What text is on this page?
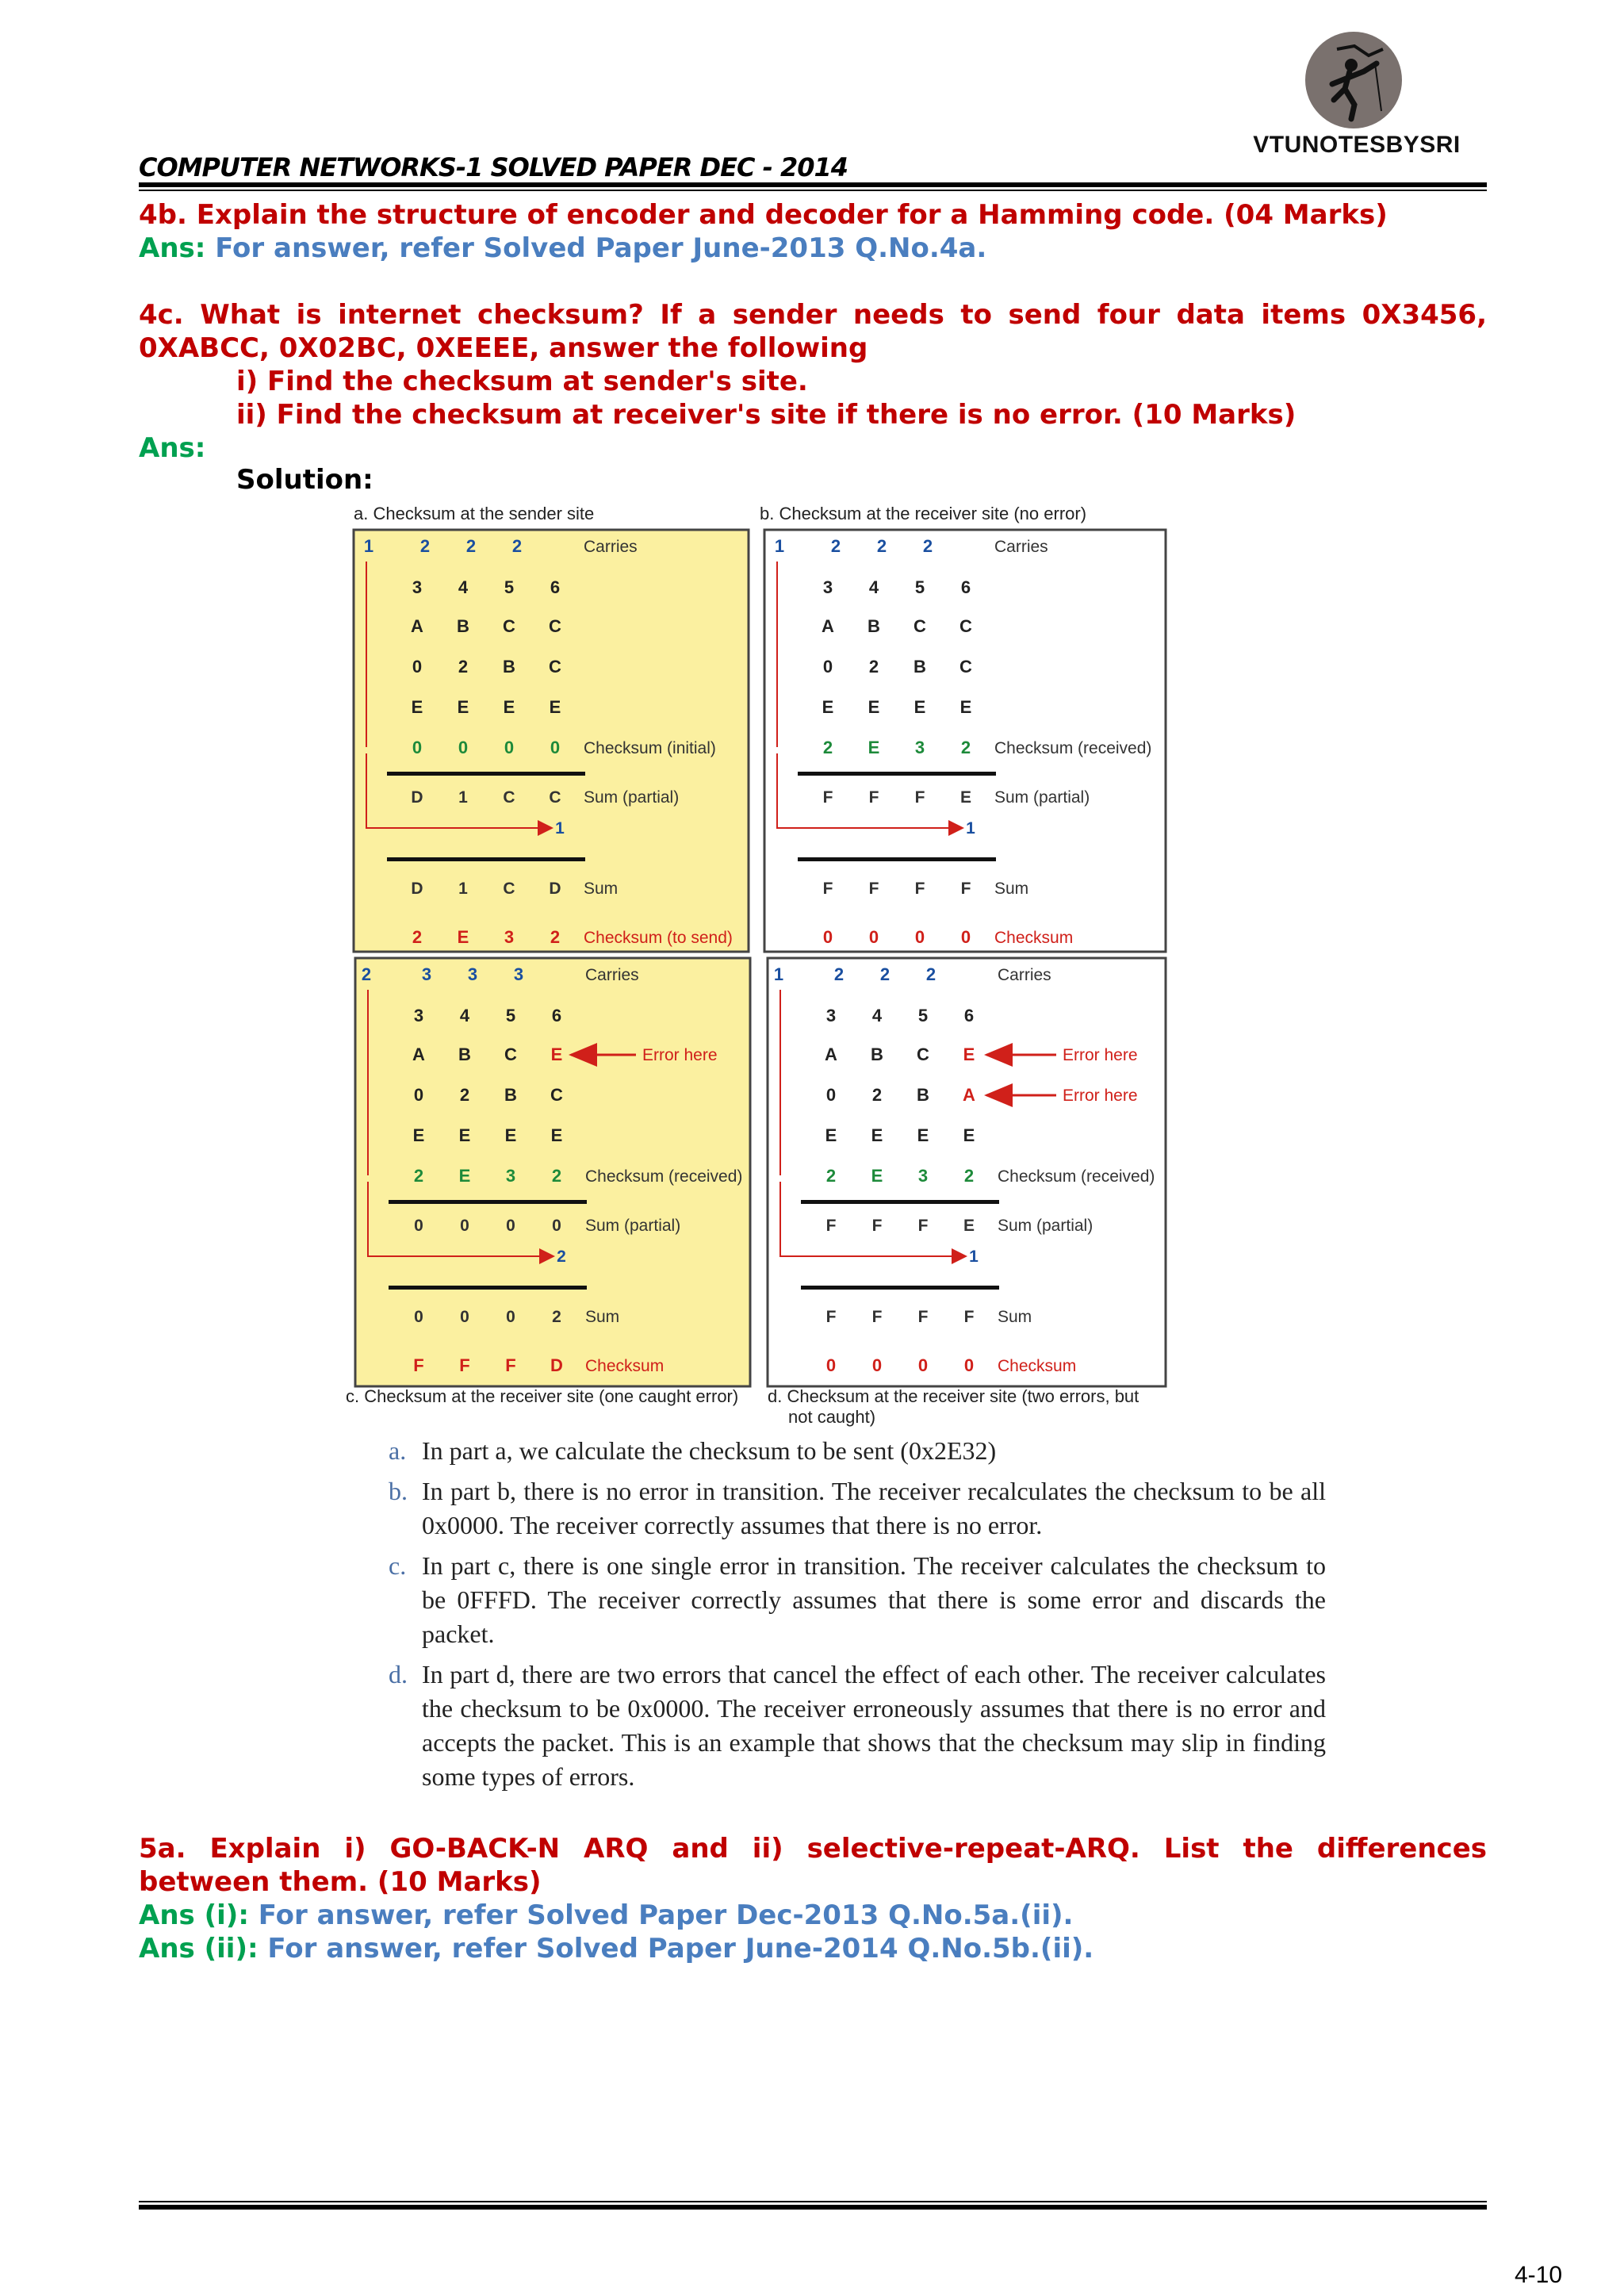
VTUNOTESBYSRI
COMPUTER NETWORKS-1 SOLVED PAPER DEC - 2014
4b. Explain the structure of encoder and decoder for a Hamming code. (04 Marks)
Ans: For answer, refer Solved Paper June-2013 Q.No.4a.
4c. What is internet checksum? If a sender needs to send four data items 0X3456,
0XABCC, 0X02BC, 0XEEEE, answer the following
i) Find the checksum at sender's site.
ii) Find the checksum at receiver's site if there is no error. (10 Marks)
Ans:
Solution:
a. Checksum at the sender site	b. Checksum at the receiver site (no error)
1	2 2 2	Carries
3 4 5 6
A B C C
0 2 B C
E E E E
0 0 0 0 Checksum (initial)
D 1 C C Sum (partial)
1
D 1 C D Sum
2 E 3 2 Checksum (to send)
1	2 2 2	Carries
3 4 5 6
A B C C
0 2 B C
E E E E
2 E 3 2 Checksum (received)
F F F E Sum (partial)
1
F F F F Sum
0 0 0 0 Checksum
2	3 3 3	Carries
3 4 5 6
A B C E
0 2 B C
E E E E
Error here
2 E 3 2 Checksum (received)
0 0 0 0 Sum (partial)
2
0 0 0 2 Sum
F F F D Checksum
1	2 2 2	Carries
3 4 5 6
A B C E
0 2 B A
E E E E
Error here
Error here
2 E 3 2 Checksum (received)
F F F E Sum (partial)
1
F F F F Sum
0 0 0 0 Checksum
c. Checksum at the receiver site (one caught error) d. Checksum at the receiver site (two errors, but
not caught)
a. In part a, we calculate the checksum to be sent (0x2E32)
b. In part b, there is no error in transition. The receiver recalculates the checksum to be all 0x0000. The receiver correctly assumes that there is no error.
c. In part c, there is one single error in transition. The receiver calculates the checksum to be 0FFFD. The receiver correctly assumes that there is some error and discards the packet.
d. In part d, there are two errors that cancel the effect of each other. The receiver calculates the checksum to be 0x0000. The receiver erroneously assumes that there is no error and accepts the packet. This is an example that shows that the checksum may slip in finding some types of errors.
5a. Explain i) GO-BACK-N ARQ and ii) selective-repeat-ARQ. List the differences
between them. (10 Marks)
Ans (i): For answer, refer Solved Paper Dec-2013 Q.No.5a.(ii).
Ans (ii): For answer, refer Solved Paper June-2014 Q.No.5b.(ii).
4-10
